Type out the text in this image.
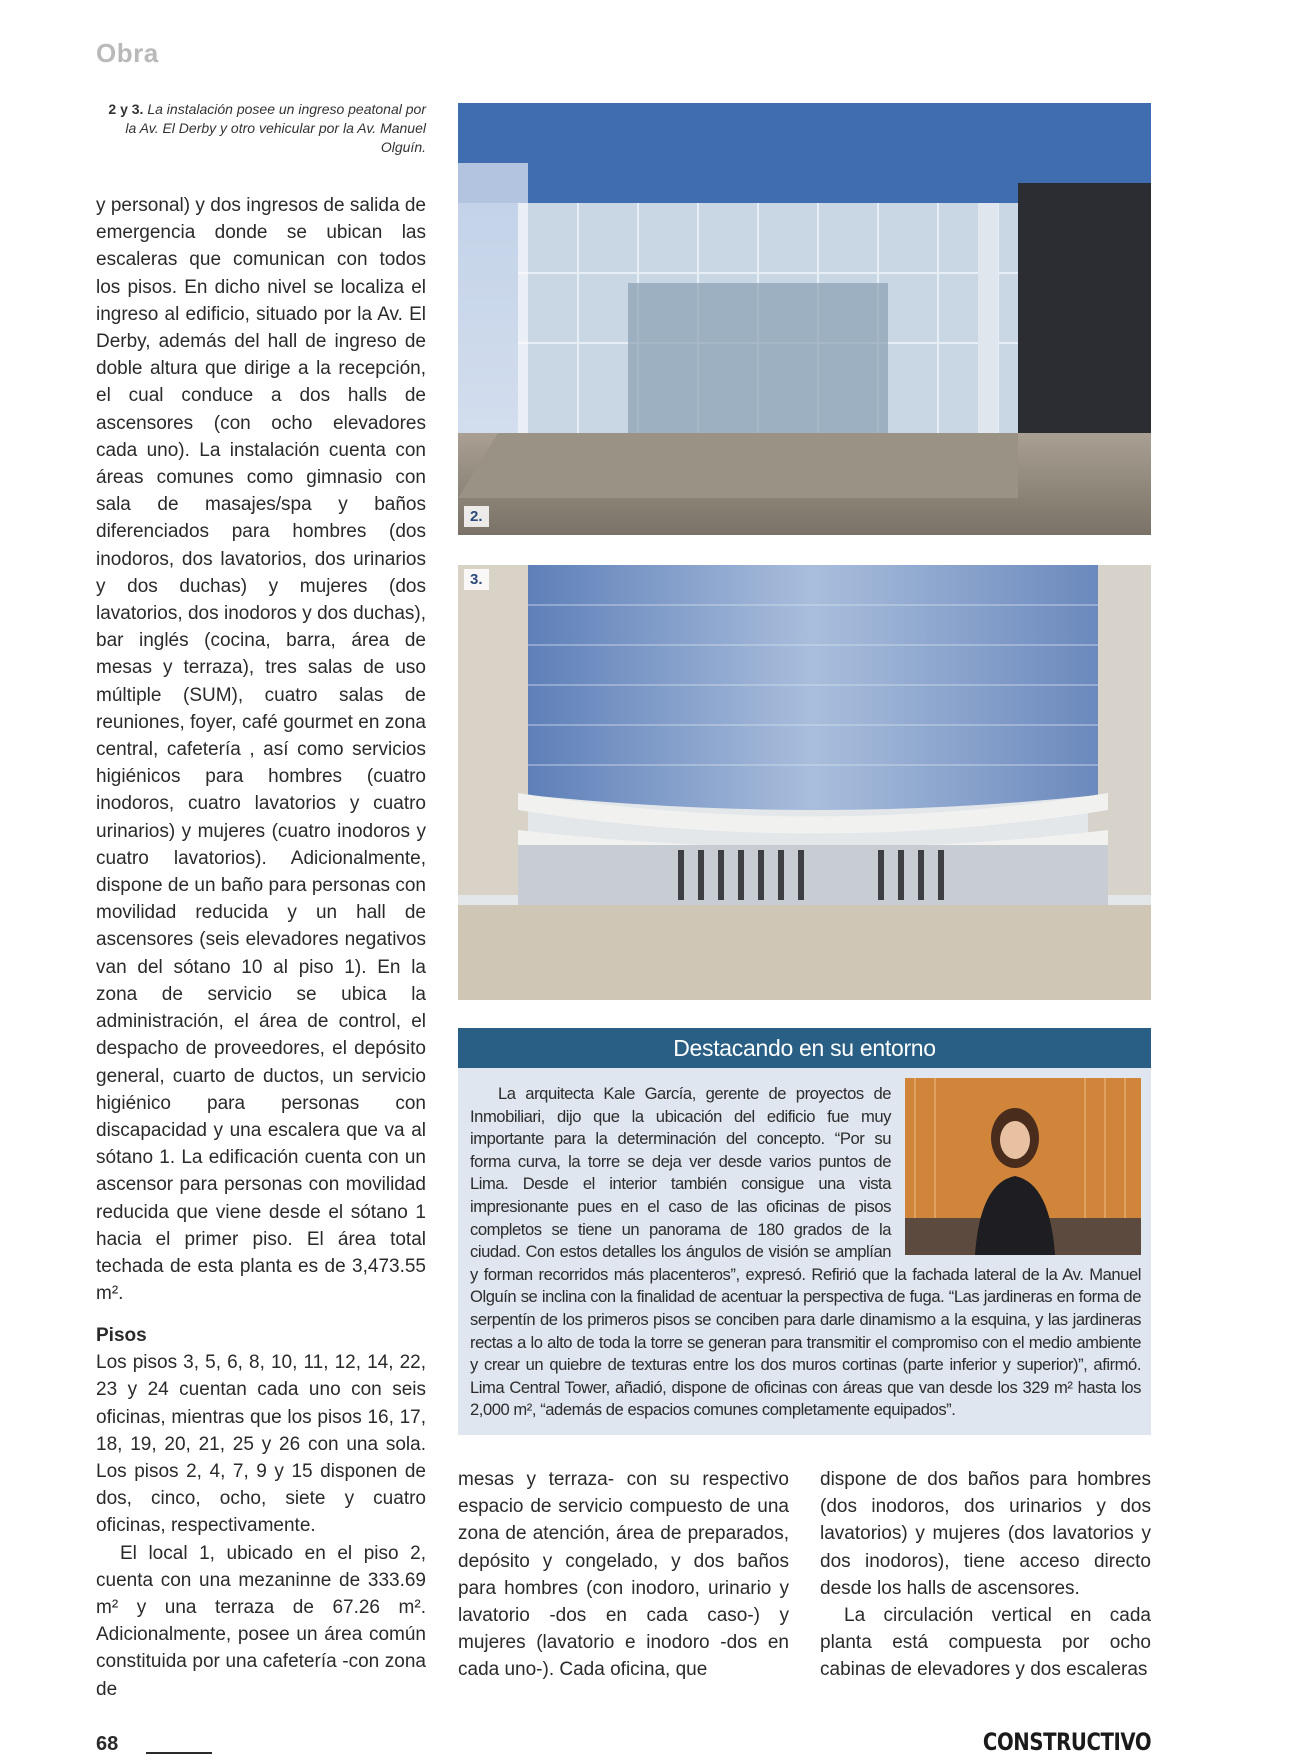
Obra
2 y 3. La instalación posee un ingreso peatonal por la Av. El Derby y otro vehicular por la Av. Manuel Olguín.

y personal) y dos ingresos de salida de emergencia donde se ubican las escaleras que comunican con todos los pisos. En dicho nivel se localiza el ingreso al edificio, situado por la Av. El Derby, además del hall de ingreso de doble altura que dirige a la recepción, el cual conduce a dos halls de ascensores (con ocho elevadores cada uno). La instalación cuenta con áreas comunes como gimnasio con sala de masajes/spa y baños diferenciados para hombres (dos inodoros, dos lavatorios, dos urinarios y dos duchas) y mujeres (dos lavatorios, dos inodoros y dos duchas), bar inglés (cocina, barra, área de mesas y terraza), tres salas de uso múltiple (SUM), cuatro salas de reuniones, foyer, café gourmet en zona central, cafetería , así como servicios higiénicos para hombres (cuatro inodoros, cuatro lavatorios y cuatro urinarios) y mujeres (cuatro inodoros y cuatro lavatorios). Adicionalmente, dispone de un baño para personas con movilidad reducida y un hall de ascensores (seis elevadores negativos van del sótano 10 al piso 1). En la zona de servicio se ubica la administración, el área de control, el despacho de proveedores, el depósito general, cuarto de ductos, un servicio higiénico para personas con discapacidad y una escalera que va al sótano 1. La edificación cuenta con un ascensor para personas con movilidad reducida que viene desde el sótano 1 hacia el primer piso. El área total techada de esta planta es de 3,473.55 m².

Pisos

Los pisos 3, 5, 6, 8, 10, 11, 12, 14, 22, 23 y 24 cuentan cada uno con seis oficinas, mientras que los pisos 16, 17, 18, 19, 20, 21, 25 y 26 con una sola. Los pisos 2, 4, 7, 9 y 15 disponen de dos, cinco, ocho, siete y cuatro oficinas, respectivamente.

El local 1, ubicado en el piso 2, cuenta con una mezaninne de 333.69 m² y una terraza de 67.26 m². Adicionalmente, posee un área común constituida por una cafetería -con zona de

2.
3.
Destacando en su entorno

La arquitecta Kale García, gerente de proyectos de Inmobiliari, dijo que la ubicación del edificio fue muy importante para la determinación del concepto. “Por su forma curva, la torre se deja ver desde varios puntos de Lima. Desde el interior también consigue una vista impresionante pues en el caso de las oficinas de pisos completos se tiene un panorama de 180 grados de la ciudad. Con estos detalles los ángulos de visión se amplían y forman recorridos más placenteros”, expresó. Refirió que la fachada lateral de la Av. Manuel Olguín se inclina con la finalidad de acentuar la perspectiva de fuga. “Las jardineras en forma de serpentín de los primeros pisos se conciben para darle dinamismo a la esquina, y las jardineras rectas a lo alto de toda la torre se generan para transmitir el compromiso con el medio ambiente y crear un quiebre de texturas entre los dos muros cortinas (parte inferior y superior)”, afirmó. Lima Central Tower, añadió, dispone de oficinas con áreas que van desde los 329 m² hasta los 2,000 m², “además de espacios comunes completamente equipados”.

mesas y terraza- con su respectivo espacio de servicio compuesto de una zona de atención, área de preparados, depósito y congelado, y dos baños para hombres (con inodoro, urinario y lavatorio -dos en cada caso-) y mujeres (lavatorio e inodoro -dos en cada uno-). Cada oficina, que

dispone de dos baños para hombres (dos inodoros, dos urinarios y dos lavatorios) y mujeres (dos lavatorios y dos inodoros), tiene acceso directo desde los halls de ascensores.

La circulación vertical en cada planta está compuesta por ocho cabinas de elevadores y dos escaleras

68	CONSTRUCTIVO
